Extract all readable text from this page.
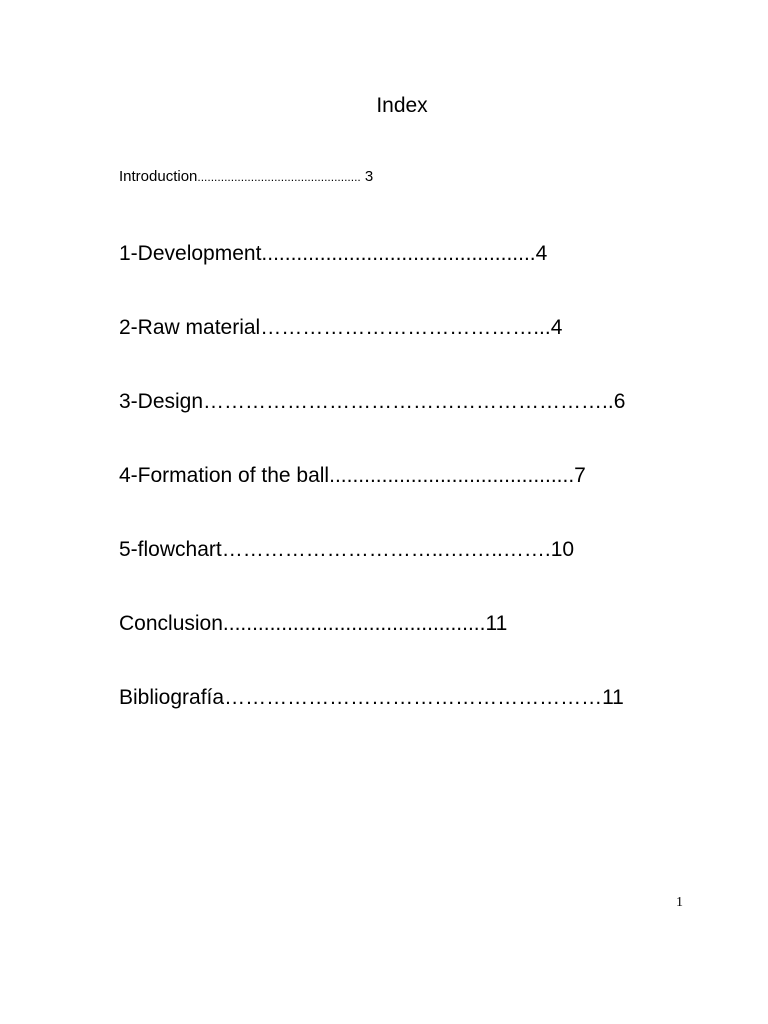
Index
Introduction................................................. 3
1-Development...............................................4
2-Raw material…………………………………...4
3-Design…………………………………………………..6
4-Formation of the ball..........................................7
5-flowchart…………………………..….…..…….10
Conclusion.............................................11
Bibliografía………………………………………………11
1
